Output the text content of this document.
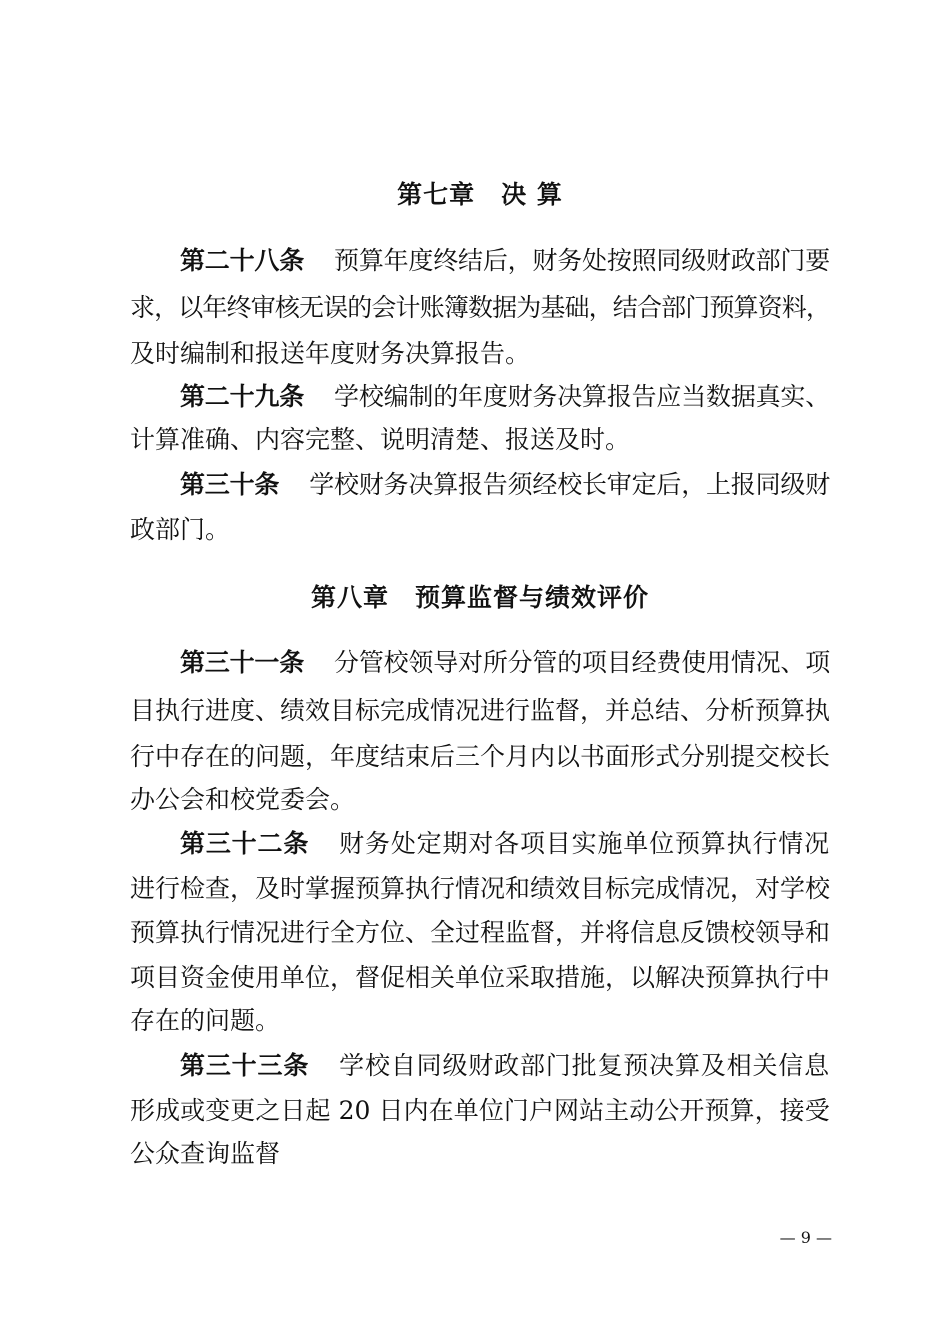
第七章　决 算
第二十八条 预算年度终结后，财务处按照同级财政部门要
求，以年终审核无误的会计账簿数据为基础，结合部门预算资料，
及时编制和报送年度财务决算报告。
第二十九条 学校编制的年度财务决算报告应当数据真实、
计算准确、内容完整、说明清楚、报送及时。
第三十条 学校财务决算报告须经校长审定后，上报同级财
政部门。
第八章　预算监督与绩效评价
第三十一条 分管校领导对所分管的项目经费使用情况、项
目执行进度、绩效目标完成情况进行监督，并总结、分析预算执
行中存在的问题，年度结束后三个月内以书面形式分别提交校长
办公会和校党委会。
第三十二条 财务处定期对各项目实施单位预算执行情况
进行检查，及时掌握预算执行情况和绩效目标完成情况，对学校
预算执行情况进行全方位、全过程监督，并将信息反馈校领导和
项目资金使用单位，督促相关单位采取措施，以解决预算执行中
存在的问题。
第三十三条 学校自同级财政部门批复预决算及相关信息
形成或变更之日起 20 日内在单位门户网站主动公开预算，接受
公众查询监督
— 9 —
